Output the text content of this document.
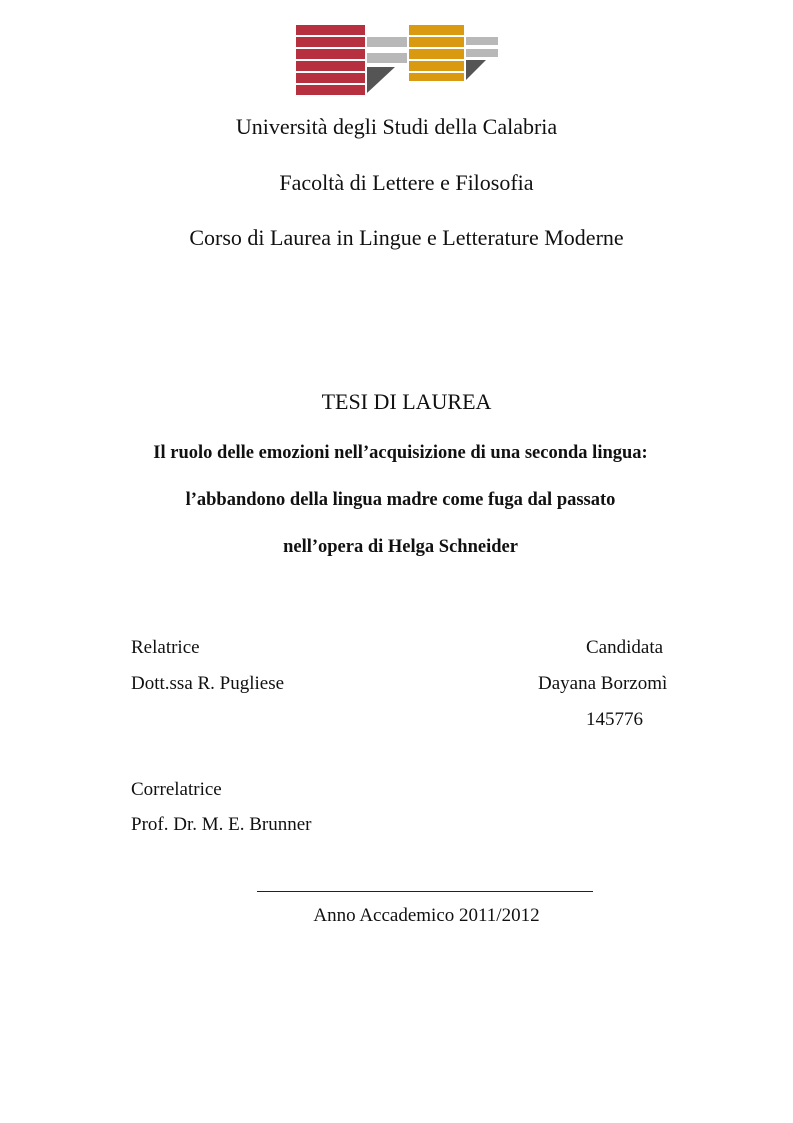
Università degli Studi della Calabria
Facoltà di Lettere e Filosofia
Corso di Laurea in Lingue e Letterature Moderne
TESI DI LAUREA
Il ruolo delle emozioni nell’acquisizione di una seconda lingua:
l’abbandono della lingua madre come fuga dal passato
nell’opera di Helga Schneider
Relatrice
Dott.ssa R. Pugliese
Correlatrice
Prof. Dr. M. E. Brunner
Candidata
Dayana Borzomì
145776
Anno Accademico 2011/2012
